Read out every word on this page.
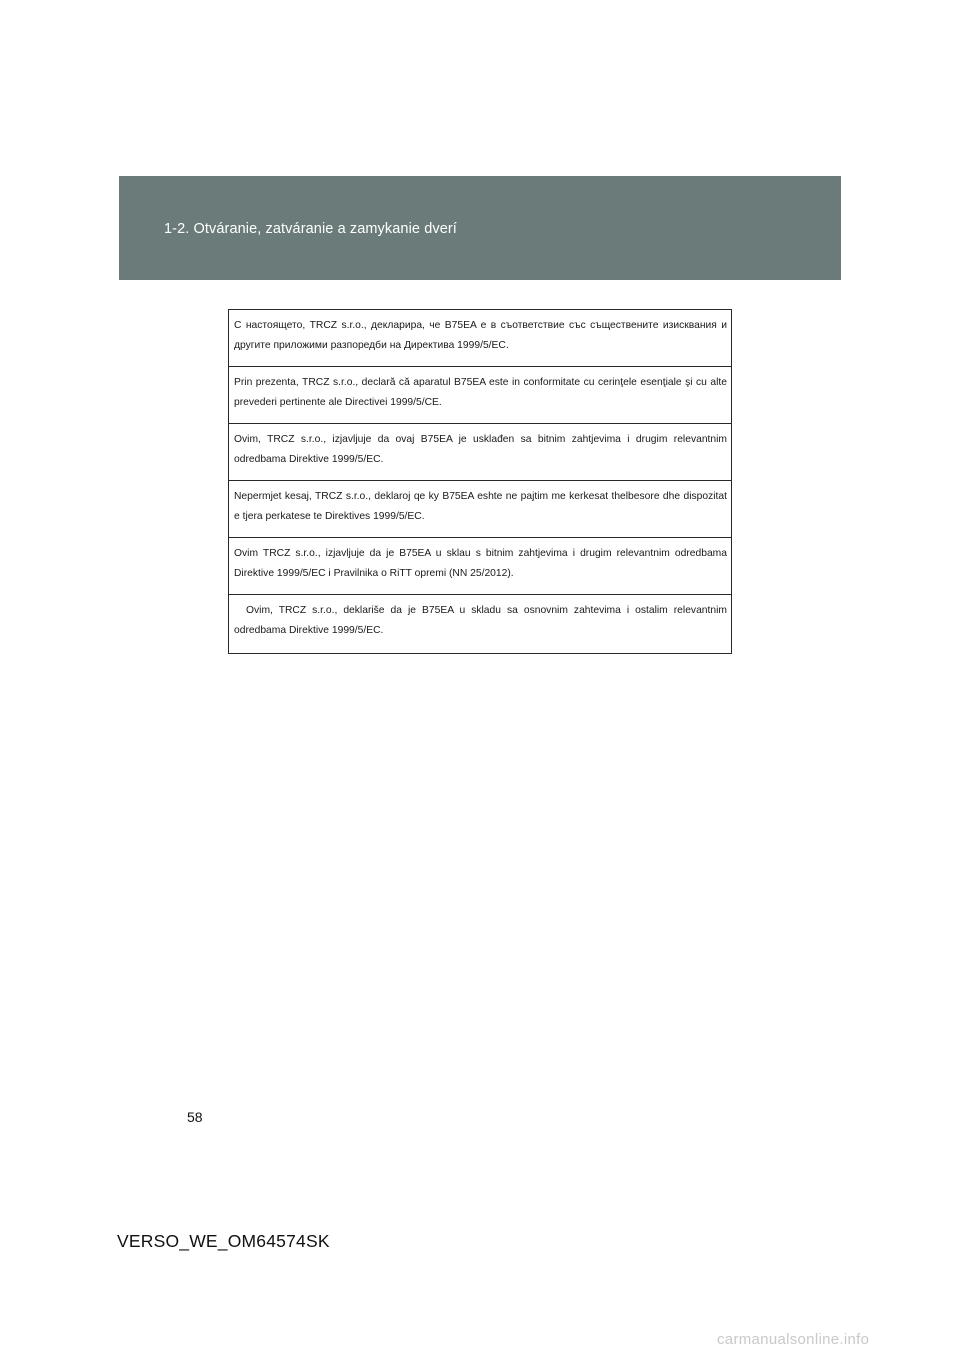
1-2. Otváranie, zatváranie a zamykanie dverí
С настоящето, TRCZ s.r.o., декларира, че B75EA е в съответствие със съществените изисквания и другите приложими разпоредби на Директива 1999/5/EC.
Prin prezenta, TRCZ s.r.o., declară că aparatul B75EA este in conformitate cu cerinţele esenţiale şi cu alte prevederi pertinente ale Directivei 1999/5/CE.
Ovim, TRCZ s.r.o., izjavljuje da ovaj B75EA je usklađen sa bitnim zahtjevima i drugim relevantnim odredbama Direktive 1999/5/EC.
Nepermjet kesaj, TRCZ s.r.o., deklaroj qe ky B75EA eshte ne pajtim me kerkesat thelbesore dhe dispozitat e tjera perkatese te Direktives 1999/5/EC.
Ovim TRCZ s.r.o., izjavljuje da je B75EA u sklau s bitnim zahtjevima i drugim relevantnim odredbama Direktive 1999/5/EC i Pravilnika o RiTT opremi (NN 25/2012).
Ovim, TRCZ s.r.o., deklariše da je B75EA u skladu sa osnovnim zahtevima i ostalim relevantnim odredbama Direktive 1999/5/EC.
58
VERSO_WE_OM64574SK
carmanualsonline.info
